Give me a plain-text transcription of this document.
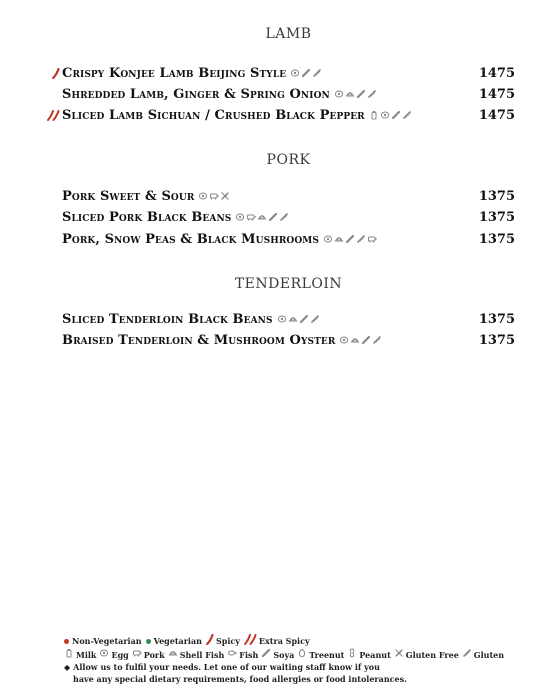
LAMB
PORK
TENDERLOIN
Crispy Konjee Lamb Beijing Style	1475
Shredded Lamb, Ginger & Spring Onion	1475
Sliced Lamb Sichuan / Crushed Black Pepper	1475
Pork Sweet & Sour	1375
Sliced Pork Black Beans	1375
Pork, Snow Peas & Black Mushrooms	1375
Sliced Tenderloin Black Beans	1375
Braised Tenderloin & Mushroom Oyster	1375
Non-Vegetarian Vegetarian Spicy Extra Spicy
Milk Egg Pork Shell Fish Fish Soya Treenut Peanut Gluten Free Gluten
◆ Allow us to fulfil your needs. Let one of our waiting staff know if you
have any special dietary requirements, food allergies or food intolerances.
